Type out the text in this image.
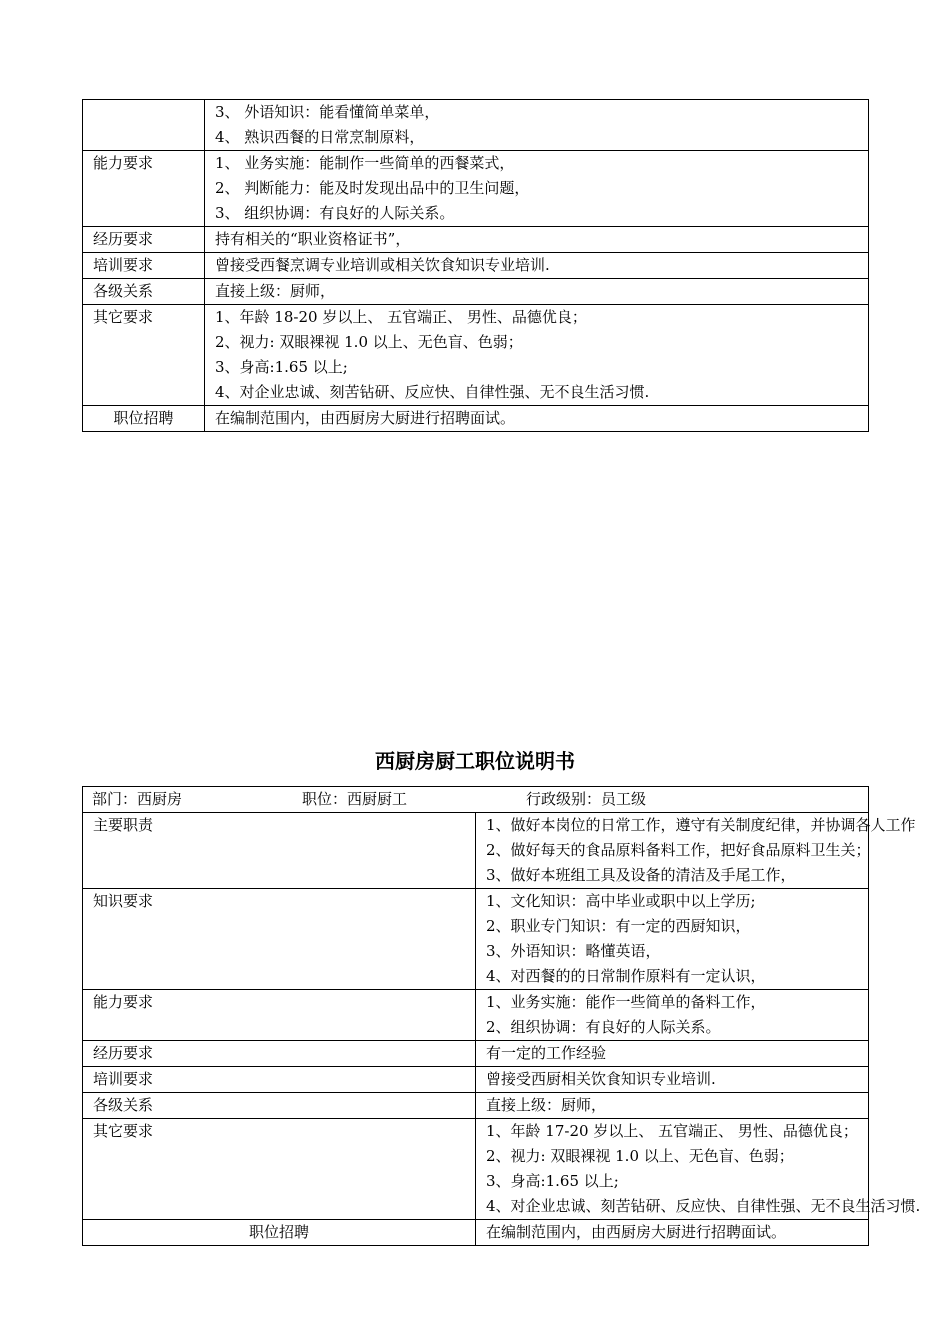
	3、 外语知识：能看懂简单菜单，
4、 熟识西餐的日常烹制原料，

能力要求	1、 业务实施：能制作一些简单的西餐菜式，
2、 判断能力：能及时发现出品中的卫生问题，
3、 组织协调：有良好的人际关系。

经历要求	持有相关的“职业资格证书”，

培训要求	曾接受西餐烹调专业培训或相关饮食知识专业培训.

各级关系	直接上级：厨师，

其它要求	1、年龄 18-20 岁以上、 五官端正、 男性、品德优良；
2、视力: 双眼裸视 1.0 以上、无色盲、色弱；
3、身高:1.65 以上;
4、对企业忠诚、刻苦钻研、反应快、自律性强、无不良生活习惯.

职位招聘	在编制范围内，由西厨房大厨进行招聘面试。
西厨房厨工职位说明书
部门：西厨房 职位：西厨厨工 行政级别：员工级	
主要职责	1、做好本岗位的日常工作，遵守有关制度纪律，并协调各人工作
2、做好每天的食品原料备料工作，把好食品原料卫生关；
3、做好本班组工具及设备的清洁及手尾工作，

知识要求	1、文化知识：高中毕业或职中以上学历;
2、职业专门知识：有一定的西厨知识，
3、外语知识：略懂英语，
4、对西餐的的日常制作原料有一定认识，

能力要求	1、业务实施：能作一些简单的备料工作，
2、组织协调：有良好的人际关系。

经历要求	有一定的工作经验

培训要求	曾接受西厨相关饮食知识专业培训.

各级关系	直接上级：厨师，

其它要求	1、年龄 17-20 岁以上、 五官端正、 男性、品德优良；
2、视力: 双眼裸视 1.0 以上、无色盲、色弱；
3、身高:1.65 以上;
4、对企业忠诚、刻苦钻研、反应快、自律性强、无不良生活习惯.

职位招聘	在编制范围内，由西厨房大厨进行招聘面试。
